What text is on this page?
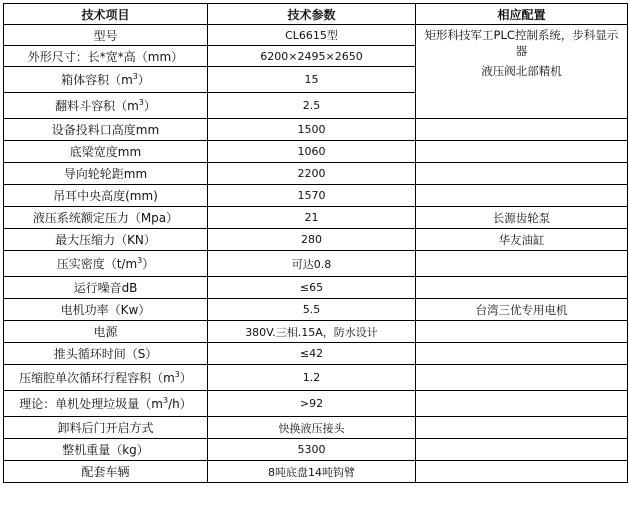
技术项目	技术参数	相应配置
型号	CL6615型	矩形科技军工PLC控制系统，步科显示器
液压阀北部精机

外形尺寸：长*宽*高（mm）	6200×2495×2650	
箱体容积$(m^3)$	15	
翻料斗容积$(m^3)$	2.5	
设备投料口高度mm	1500	
底梁宽度mm	1060	
导向轮轮距mm	2200	
吊耳中央高度(mm)	1570	
液压系统额定压力（Mpa）	21	长源齿轮泵
最大压缩力（KN）	280	华友油缸
压实密度$(t/m^3)$	可达0.8	
运行噪音dB	≤65	
电机功率（Kw）	5.5	台湾三优专用电机
电源	380V.三相.15A，防水设计	
推头循环时间（S）	≤42	
压缩腔单次循环行程容积$(m^3)$	1.2	
理论：单机处理垃圾量$(m^3/h)$	>92	
卸料后门开启方式	快换液压接头	
整机重量（kg）	5300	
配套车辆	8吨底盘14吨钩臂	
